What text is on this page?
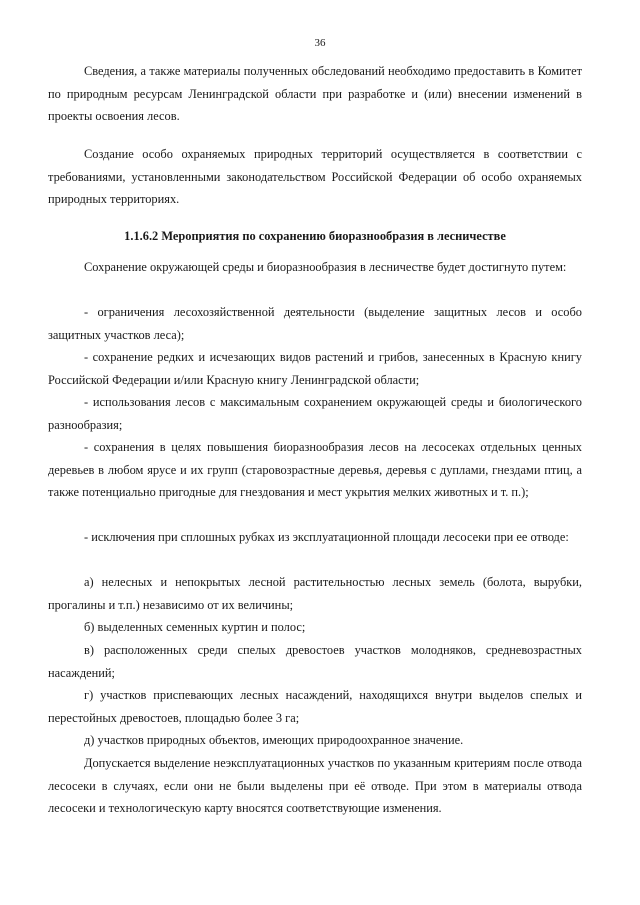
36

Сведения, а также материалы полученных обследований необходимо предоставить в Комитет по природным ресурсам Ленинградской области при разработке и (или) внесении изменений в проекты освоения лесов.

Создание особо охраняемых природных территорий осуществляется в соответствии с требованиями, установленными законодательством Российской Федерации об особо охраняемых природных территориях.

1.1.6.2 Мероприятия по сохранению биоразнообразия в лесничестве

Сохранение окружающей среды и биоразнообразия в лесничестве будет достигнуто путем:

- ограничения лесохозяйственной деятельности (выделение защитных лесов и особо защитных участков леса);

- сохранение редких и исчезающих видов растений и грибов, занесенных в Красную книгу Российской Федерации и/или Красную книгу Ленинградской области;

- использования лесов с максимальным сохранением окружающей среды и биологического разнообразия;

- сохранения в целях повышения биоразнообразия лесов на лесосеках отдельных ценных деревьев в любом ярусе и их групп (старовозрастные деревья, деревья с дуплами, гнездами птиц, а также потенциально пригодные для гнездования и мест укрытия мелких животных и т. п.);

- исключения при сплошных рубках из эксплуатационной площади лесосеки при ее отводе:

а) нелесных и непокрытых лесной растительностью лесных земель (болота, вырубки, прогалины и т.п.) независимо от их величины;

б) выделенных семенных куртин и полос;

в) расположенных среди спелых древостоев участков молодняков, средневозрастных насаждений;

г) участков приспевающих лесных насаждений, находящихся внутри выделов спелых и перестойных древостоев, площадью более 3 га;

д) участков природных объектов, имеющих природоохранное значение.

Допускается выделение неэксплуатационных участков по указанным критериям после отвода лесосеки в случаях, если они не были выделены при её отводе. При этом в материалы отвода лесосеки и технологическую карту вносятся соответствующие изменения.
